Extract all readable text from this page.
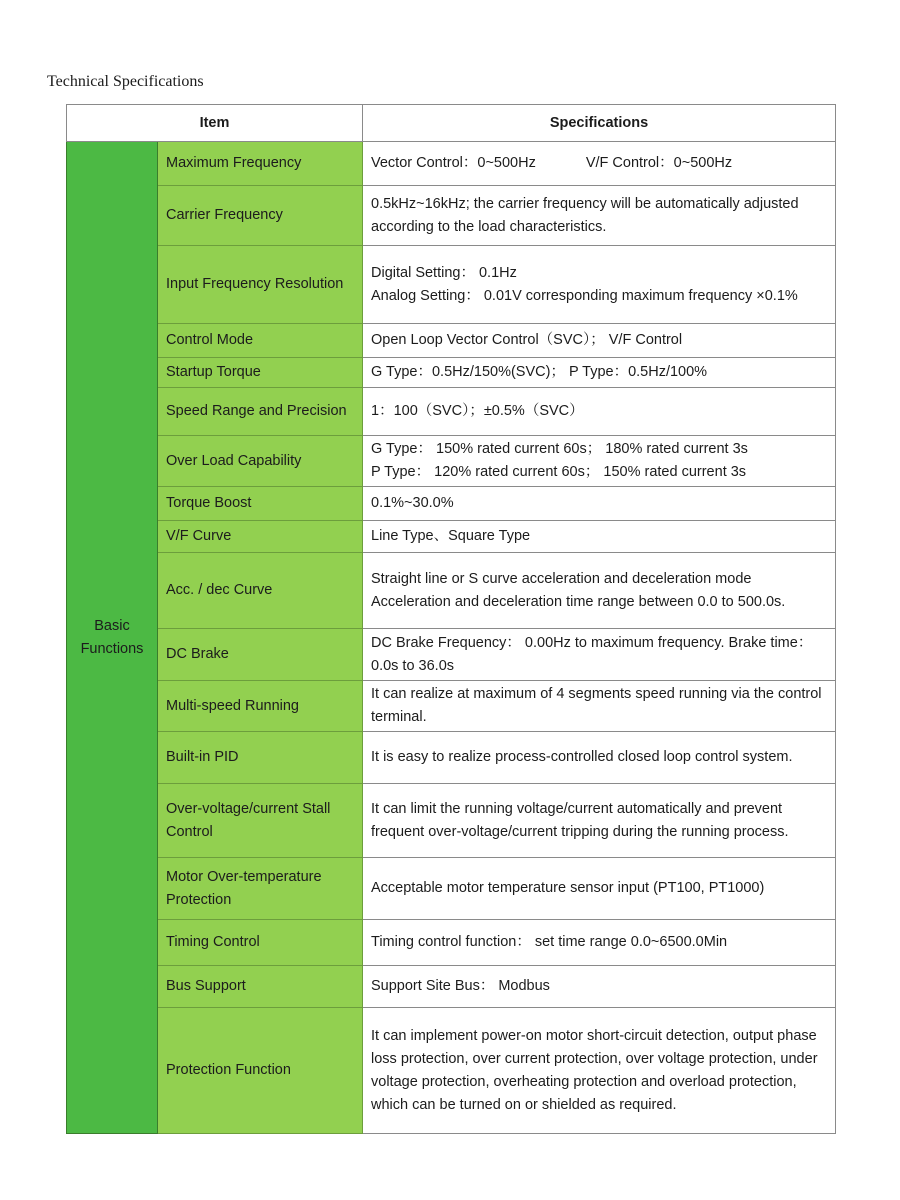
Technical Specifications
Item		Specifications
Basic
Functions	Maximum Frequency	Vector Control：0~500Hz V/F Control：0~500Hz
	Carrier Frequency	0.5kHz~16kHz; the carrier frequency will be automatically adjusted according to the load characteristics.
	Input Frequency Resolution	Digital Setting： 0.1Hz
Analog Setting： 0.01V corresponding maximum frequency ×0.1%
	Control Mode	Open Loop Vector Control（SVC）； V/F Control
	Startup Torque	G Type：0.5Hz/150%(SVC)； P Type：0.5Hz/100%
	Speed Range and Precision	1：100（SVC）；±0.5%（SVC）
	Over Load Capability	G Type： 150% rated current 60s； 180% rated current 3s
P Type： 120% rated current 60s； 150% rated current 3s
	Torque Boost	0.1%~30.0%
	V/F Curve	Line Type、Square Type
	Acc. / dec Curve	Straight line or S curve acceleration and deceleration mode
Acceleration and deceleration time range between 0.0 to 500.0s.
	DC Brake	DC Brake Frequency： 0.00Hz to maximum frequency. Brake time： 0.0s to 36.0s
	Multi-speed Running	It can realize at maximum of 4 segments speed running via the control terminal.
	Built-in PID	It is easy to realize process-controlled closed loop control system.
	Over-voltage/current Stall Control	It can limit the running voltage/current automatically and prevent frequent over-voltage/current tripping during the running process.
	Motor Over-temperature Protection	Acceptable motor temperature sensor input (PT100, PT1000)
	Timing Control	Timing control function： set time range 0.0~6500.0Min
	Bus Support	Support Site Bus： Modbus
	Protection Function	It can implement power-on motor short-circuit detection, output phase loss protection, over current protection, over voltage protection, under voltage protection, overheating protection and overload protection, which can be turned on or shielded as required.
